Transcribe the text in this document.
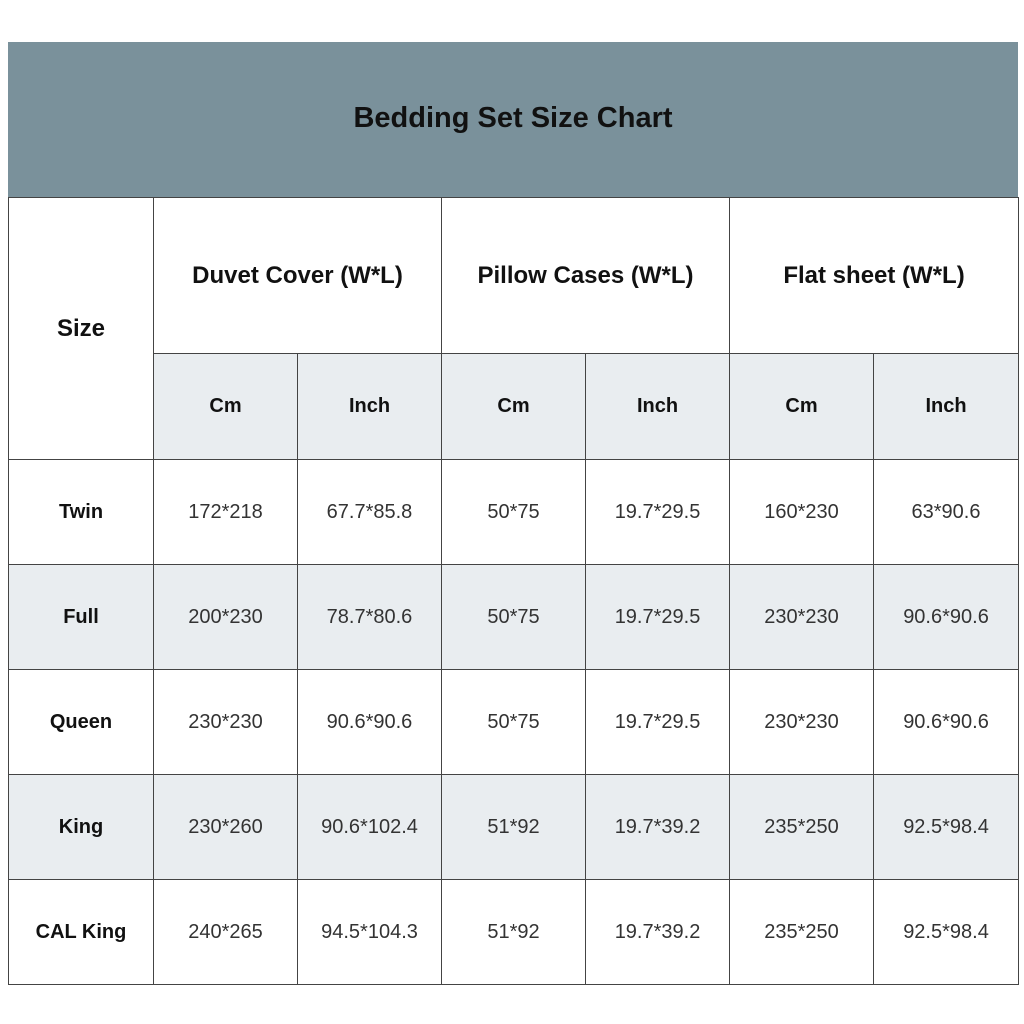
Bedding Set Size Chart
Size	Duvet Cover (W*L)		Pillow Cases (W*L)		Flat sheet (W*L)	
	Cm	Inch	Cm	Inch	Cm	Inch
Twin	172*218	67.7*85.8	50*75	19.7*29.5	160*230	63*90.6
Full	200*230	78.7*80.6	50*75	19.7*29.5	230*230	90.6*90.6
Queen	230*230	90.6*90.6	50*75	19.7*29.5	230*230	90.6*90.6
King	230*260	90.6*102.4	51*92	19.7*39.2	235*250	92.5*98.4
CAL King	240*265	94.5*104.3	51*92	19.7*39.2	235*250	92.5*98.4
